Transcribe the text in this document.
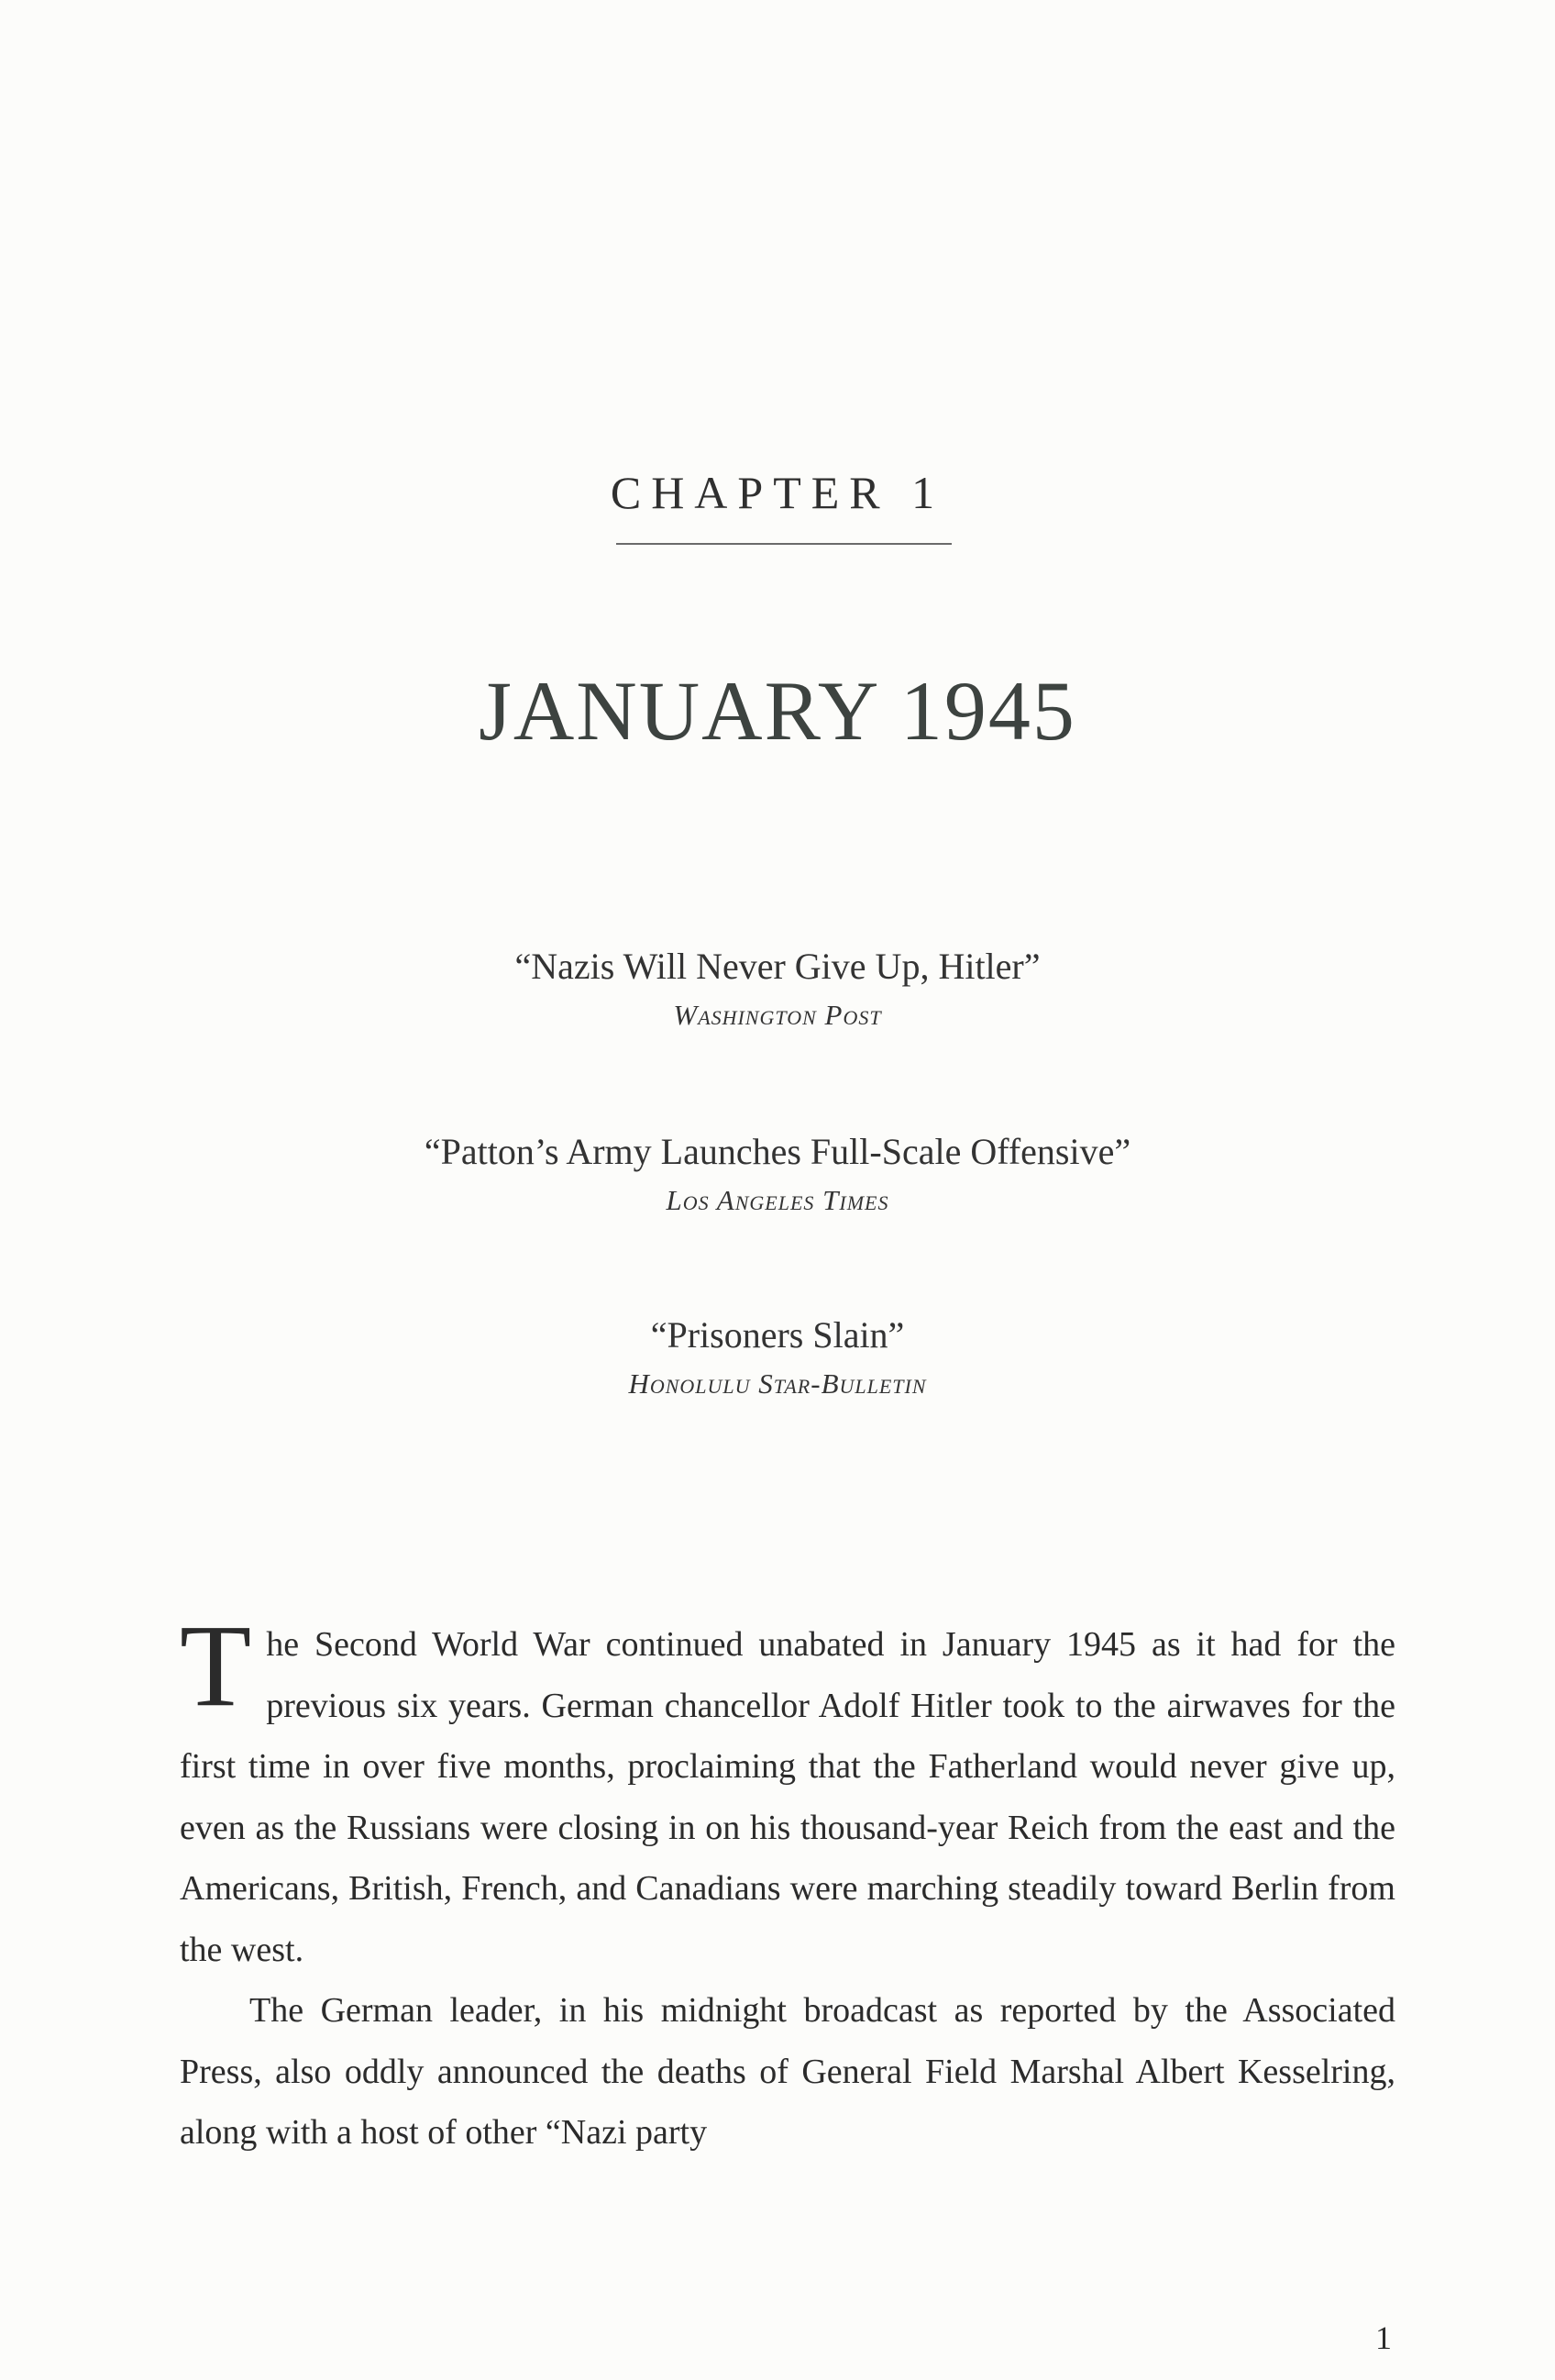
CHAPTER 1
JANUARY 1945
“Nazis Will Never Give Up, Hitler”
Washington Post
“Patton’s Army Launches Full-Scale Offensive”
Los Angeles Times
“Prisoners Slain”
Honolulu Star-Bulletin

The Second World War continued unabated in January 1945 as it had for the previous six years. German chancellor Adolf Hitler took to the airwaves for the first time in over five months, proclaiming that the Fatherland would never give up, even as the Russians were closing in on his thousand-year Reich from the east and the Americans, British, French, and Canadians were marching steadily toward Berlin from the west.

The German leader, in his midnight broadcast as reported by the Associated Press, also oddly announced the deaths of General Field Marshal Albert Kesselring, along with a host of other “Nazi party

1
